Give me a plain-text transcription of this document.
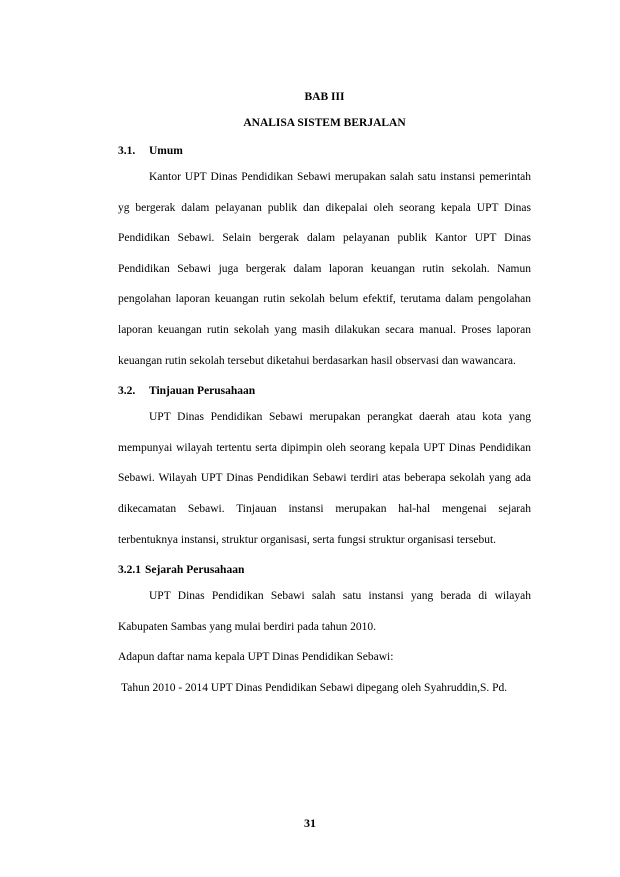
BAB III
ANALISA SISTEM BERJALAN
3.1. Umum

Kantor UPT Dinas Pendidikan Sebawi merupakan salah satu instansi pemerintah yg bergerak dalam pelayanan publik dan dikepalai oleh seorang kepala UPT Dinas Pendidikan Sebawi. Selain bergerak dalam pelayanan publik Kantor UPT Dinas Pendidikan Sebawi juga bergerak dalam laporan keuangan rutin sekolah. Namun pengolahan laporan keuangan rutin sekolah belum efektif, terutama dalam pengolahan laporan keuangan rutin sekolah yang masih dilakukan secara manual. Proses laporan keuangan rutin sekolah tersebut diketahui berdasarkan hasil observasi dan wawancara.

3.2. Tinjauan Perusahaan

UPT Dinas Pendidikan Sebawi merupakan perangkat daerah atau kota yang mempunyai wilayah tertentu serta dipimpin oleh seorang kepala UPT Dinas Pendidikan Sebawi. Wilayah UPT Dinas Pendidikan Sebawi terdiri atas beberapa sekolah yang ada dikecamatan Sebawi. Tinjauan instansi merupakan hal-hal mengenai sejarah terbentuknya instansi, struktur organisasi, serta fungsi struktur organisasi tersebut.

3.2.1 Sejarah Perusahaan

UPT Dinas Pendidikan Sebawi salah satu instansi yang berada di wilayah Kabupaten Sambas yang mulai berdiri pada tahun 2010.

Adapun daftar nama kepala UPT Dinas Pendidikan Sebawi:

Tahun 2010 - 2014 UPT Dinas Pendidikan Sebawi dipegang oleh Syahruddin,S. Pd.

31
